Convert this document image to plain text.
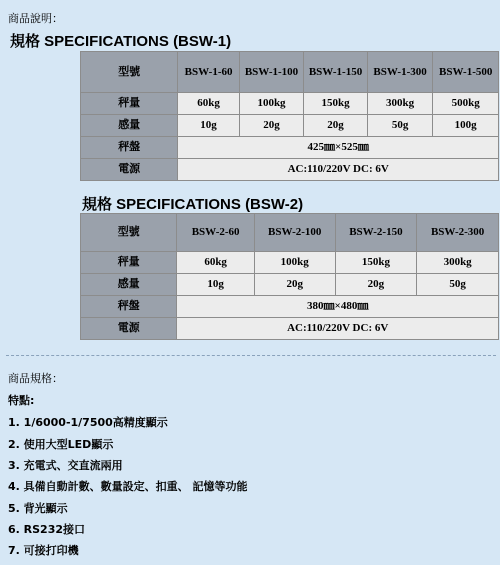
商品說明：
規格 SPECIFICATIONS (BSW-1)
型號	BSW-1-60	BSW-1-100	BSW-1-150	BSW-1-300	BSW-1-500
秤量	60kg	100kg	150kg	300kg	500kg
感量	10g	20g	20g	50g	100g
秤盤	425㎜×525㎜				
電源	AC:110/220V DC: 6V				
規格 SPECIFICATIONS (BSW-2)
型號	BSW-2-60	BSW-2-100	BSW-2-150	BSW-2-300
秤量	60kg	100kg	150kg	300kg
感量	10g	20g	20g	50g
秤盤	380㎜×480㎜			
電源	AC:110/220V DC: 6V			
商品規格：
特點:
1. 1/6000-1/7500高精度顯示
2. 使用大型LED顯示
3. 充電式、交直流兩用
4. 具備自動計數、數量設定、扣重、 記憶等功能
5. 背光顯示
6. RS232接口
7. 可接打印機
